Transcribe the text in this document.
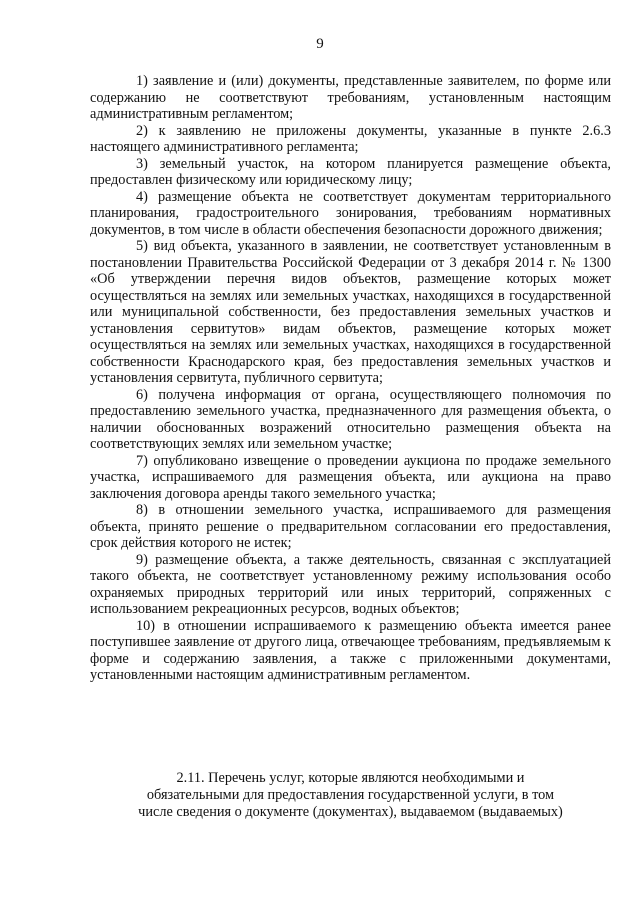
9

1) заявление и (или) документы, представленные заявителем, по форме или содержанию не соответствуют требованиям, установленным настоящим административным регламентом;

2) к заявлению не приложены документы, указанные в пункте 2.6.3 настоящего административного регламента;

3) земельный участок, на котором планируется размещение объекта, предоставлен физическому или юридическому лицу;

4) размещение объекта не соответствует документам территориального планирования, градостроительного зонирования, требованиям нормативных документов, в том числе в области обеспечения безопасности дорожного движения;

5) вид объекта, указанного в заявлении, не соответствует установленным в постановлении Правительства Российской Федерации от 3 декабря 2014 г. № 1300 «Об утверждении перечня видов объектов, размещение которых может осуществляться на землях или земельных участках, находящихся в государственной или муниципальной собственности, без предоставления земельных участков и установления сервитутов» видам объектов, размещение которых может осуществляться на землях или земельных участках, находящихся в государственной собственности Краснодарского края, без предоставления земельных участков и установления сервитута, публичного сервитута;

6) получена информация от органа, осуществляющего полномочия по предоставлению земельного участка, предназначенного для размещения объекта, о наличии обоснованных возражений относительно размещения объекта на соответствующих землях или земельном участке;

7) опубликовано извещение о проведении аукциона по продаже земельного участка, испрашиваемого для размещения объекта, или аукциона на право заключения договора аренды такого земельного участка;

8) в отношении земельного участка, испрашиваемого для размещения объекта, принято решение о предварительном согласовании его предоставления, срок действия которого не истек;

9) размещение объекта, а также деятельность, связанная с эксплуатацией такого объекта, не соответствует установленному режиму использования особо охраняемых природных территорий или иных территорий, сопряженных с использованием рекреационных ресурсов, водных объектов;

10) в отношении испрашиваемого к размещению объекта имеется ранее поступившее заявление от другого лица, отвечающее требованиям, предъявляемым к форме и содержанию заявления, а также с приложенными документами, установленными настоящим административным регламентом.

2.11. Перечень услуг, которые являются необходимыми и
обязательными для предоставления государственной услуги, в том
числе сведения о документе (документах), выдаваемом (выдаваемых)
